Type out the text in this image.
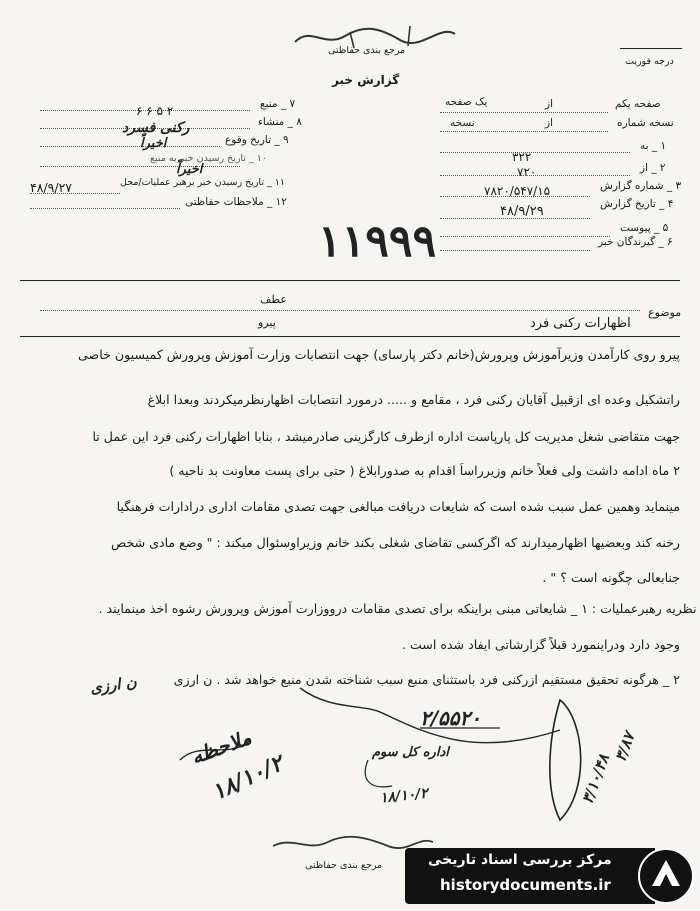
مرجع بندی حفاظتی
گزارش خبر
درجه فوریت
صفحه یکم
از
یک صفحه
نسخه شماره
از
نسخه
۱ _ به
۳۲۲
۲ _ از
۷۲۰
۳ _ شماره گزارش
۷۸۲۰/۵۴۷/۱۵
۴ _ تاریخ گزارش
۴۸/۹/۲۹
۵ _ پیوست
۶ _ گیرندگان خبر
۷ _ منبع
۸ _ منشاء
۲ ۵ ۶ ۶
۹ _ تاریخ وقوع
رکنی فسرد
۱۰ _ تاریخ رسیدن خبر به منبع
اخیراً
۱۱ _ تاریخ رسیدن خبر برهبر عملیات/محل
اخیراً
۴۸/۹/۲۷
۱۲ _ ملاحظات حفاظتی
۱۱۹۹۹
عطف
پیرو
موضوع
اظهارات رکنی فرد
پیرو روی کارآمدن وزیرآموزش وپرورش(خانم دکتر پارسای) جهت انتصابات وزارت آموزش وپرورش کمیسیون خاصی
راتشکیل وعده ای ازقبیل آقایان رکنی فرد ، مقامع و ..... درمورد انتصابات اظهارنظرمیکردند وبعدا ابلاغ
جهت متقاضی شغل مدیریت کل پارپاست اداره ازطرف کارگزینی صادرمیشد ، بنابا اظهارات رکنی فرد این عمل تا
۲ ماه ادامه داشت ولی فعلاً خانم وزیرراساً اقدام به صدورابلاغ ( حتی برای پست معاونت بد ناحیه )
مینماید وهمین عمل سبب شده است که شایعات دریافت مبالغی جهت تصدی مقامات اداری درادارات فرهنگیا
رخنه کند وبعضیها اظهارمیدارند که اگرکسی تقاضای شغلی بکند خانم وزیراوسئوال میکند : " وضع مادی شخص
جنابعالی چگونه است ؟ " .
نظریه رهبرعملیات :
۱ _ شایعاتی مبنی براینکه برای تصدی مقامات درووزارت آموزش وپرورش رشوه اخذ مینمایند .
وجود دارد ودراینمورد قبلاً گزارشاتی ایفاد شده است .
۲ _ هرگونه تحقیق مستقیم ازرکنی فرد باستثنای منبع سبب شناخته شدن منبع خواهد شد . ن ارزی
ن ارزی
ملاحظه
۱۸/۱۰/۲
۲/۵۵۲۰
اداره کل سوم
۱۸/۱۰/۲	۳/۱۰/۴۸
۳/۸۷
مرجع بندی حفاظتی	مرکز بررسی اسناد تاریخی
historydocuments.ir
